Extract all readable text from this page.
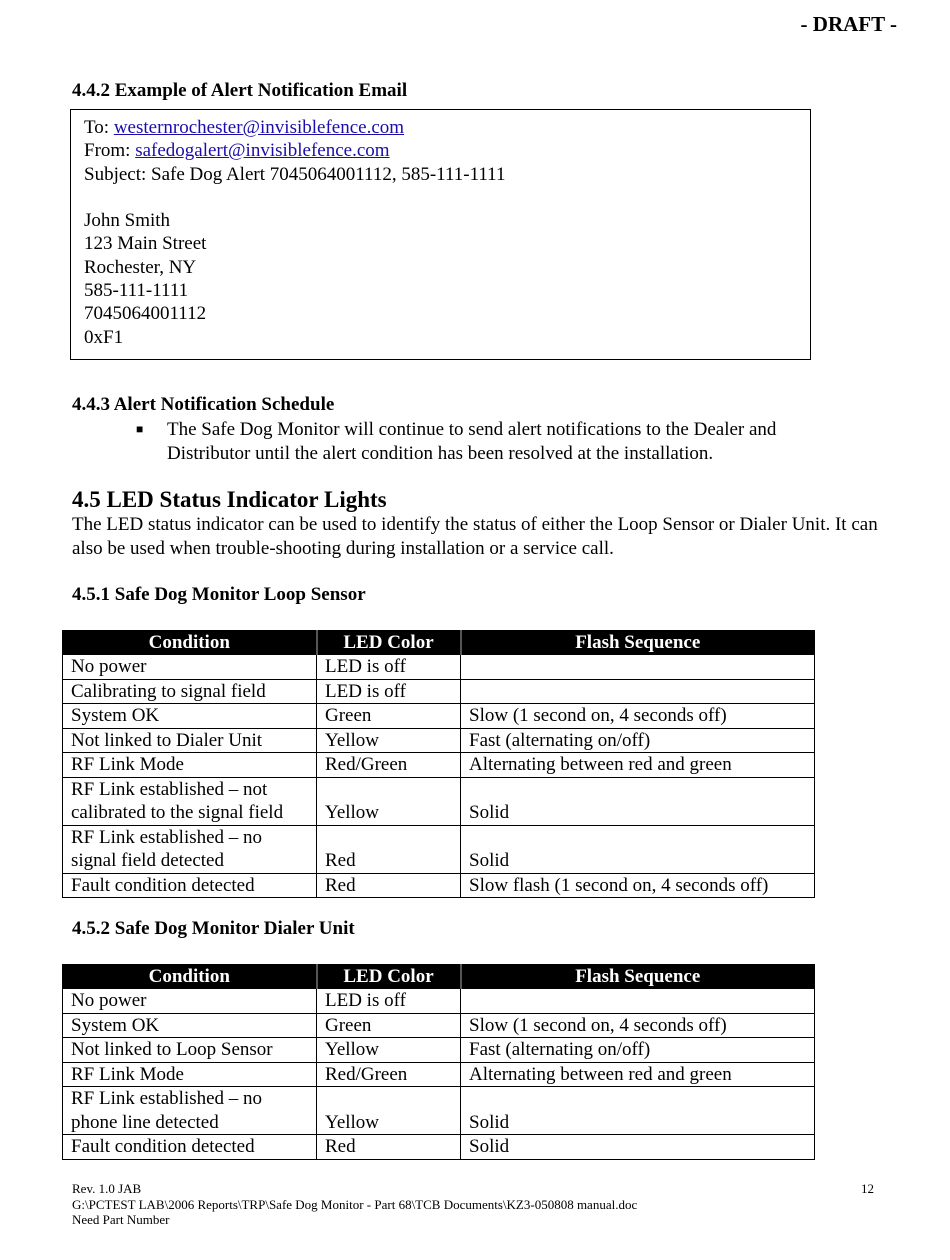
- DRAFT -
4.4.2 Example of Alert Notification Email
To: westernrochester@invisiblefence.com
From: safedogalert@invisiblefence.com
Subject: Safe Dog Alert 7045064001112, 585-111-1111
John Smith
123 Main Street
Rochester, NY
585-111-1111
7045064001112
0xF1
4.4.3 Alert Notification Schedule
■ The Safe Dog Monitor will continue to send alert notifications to the Dealer and Distributor until the alert condition has been resolved at the installation.
4.5 LED Status Indicator Lights
The LED status indicator can be used to identify the status of either the Loop Sensor or Dialer Unit. It can also be used when trouble-shooting during installation or a service call.
4.5.1 Safe Dog Monitor Loop Sensor
Condition	LED Color	Flash Sequence

No power	LED is off	

Calibrating to signal field	LED is off	

System OK	Green	Slow (1 second on, 4 seconds off)

Not linked to Dialer Unit	Yellow	Fast (alternating on/off)

RF Link Mode	Red/Green	Alternating between red and green

RF Link established – not
calibrated to the signal field	Yellow	Solid

RF Link established – no
signal field detected	Red	Solid

Fault condition detected	Red	Slow flash (1 second on, 4 seconds off)
4.5.2 Safe Dog Monitor Dialer Unit
Condition	LED Color	Flash Sequence

No power	LED is off	

System OK	Green	Slow (1 second on, 4 seconds off)

Not linked to Loop Sensor	Yellow	Fast (alternating on/off)

RF Link Mode	Red/Green	Alternating between red and green

RF Link established – no
phone line detected	Yellow	Solid

Fault condition detected	Red	Solid
Rev. 1.0 JAB
G:\PCTEST LAB\2006 Reports\TRP\Safe Dog Monitor - Part 68\TCB Documents\KZ3-050808 manual.doc
Need Part Number
12
